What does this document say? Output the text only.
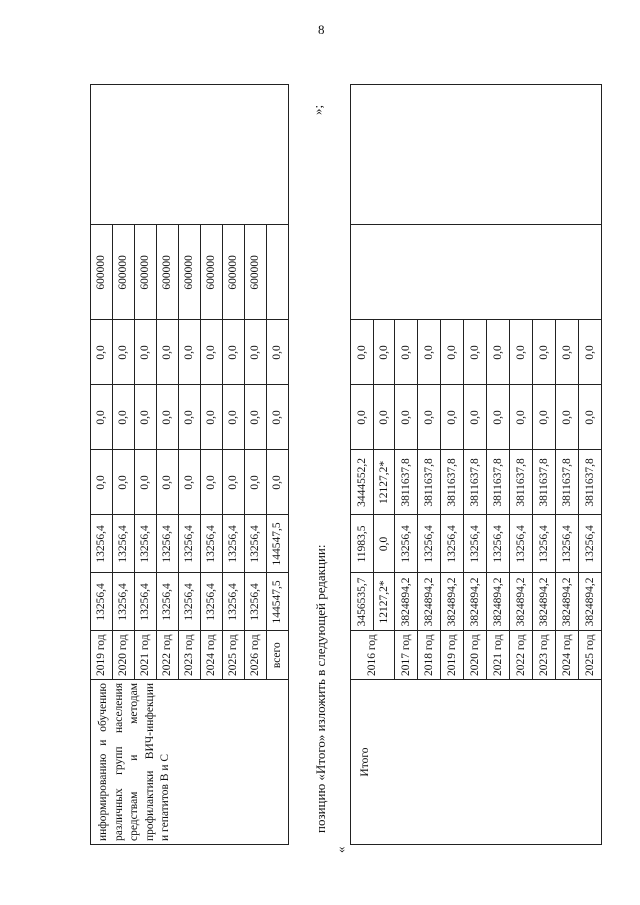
8
информированию и обучению различных групп населения средствам и методам профилактики ВИЧ-инфекции и гепатитов В и С	2019 год	13256,4	13256,4	0,0	0,0	0,0	600000	
	2020 год	13256,4	13256,4	0,0	0,0	0,0	600000	
	2021 год	13256,4	13256,4	0,0	0,0	0,0	600000	
	2022 год	13256,4	13256,4	0,0	0,0	0,0	600000	
	2023 год	13256,4	13256,4	0,0	0,0	0,0	600000	
	2024 год	13256,4	13256,4	0,0	0,0	0,0	600000	
	2025 год	13256,4	13256,4	0,0	0,0	0,0	600000	
	2026 год	13256,4	13256,4	0,0	0,0	0,0	600000	
	всего	144547,5	144547,5	0,0	0,0	0,0		
позицию «Итого» изложить в следующей редакции:
«
»;
Итого	2016 год	3456535,7	11983,5	3444552,2	0,0	0,0		
		12127,2*	0,0	12127,2*	0,0	0,0		
	2017 год	3824894,2	13256,4	3811637,8	0,0	0,0		
	2018 год	3824894,2	13256,4	3811637,8	0,0	0,0		
	2019 год	3824894,2	13256,4	3811637,8	0,0	0,0		
	2020 год	3824894,2	13256,4	3811637,8	0,0	0,0		
	2021 год	3824894,2	13256,4	3811637,8	0,0	0,0		
	2022 год	3824894,2	13256,4	3811637,8	0,0	0,0		
	2023 год	3824894,2	13256,4	3811637,8	0,0	0,0		
	2024 год	3824894,2	13256,4	3811637,8	0,0	0,0		
	2025 год	3824894,2	13256,4	3811637,8	0,0	0,0		
